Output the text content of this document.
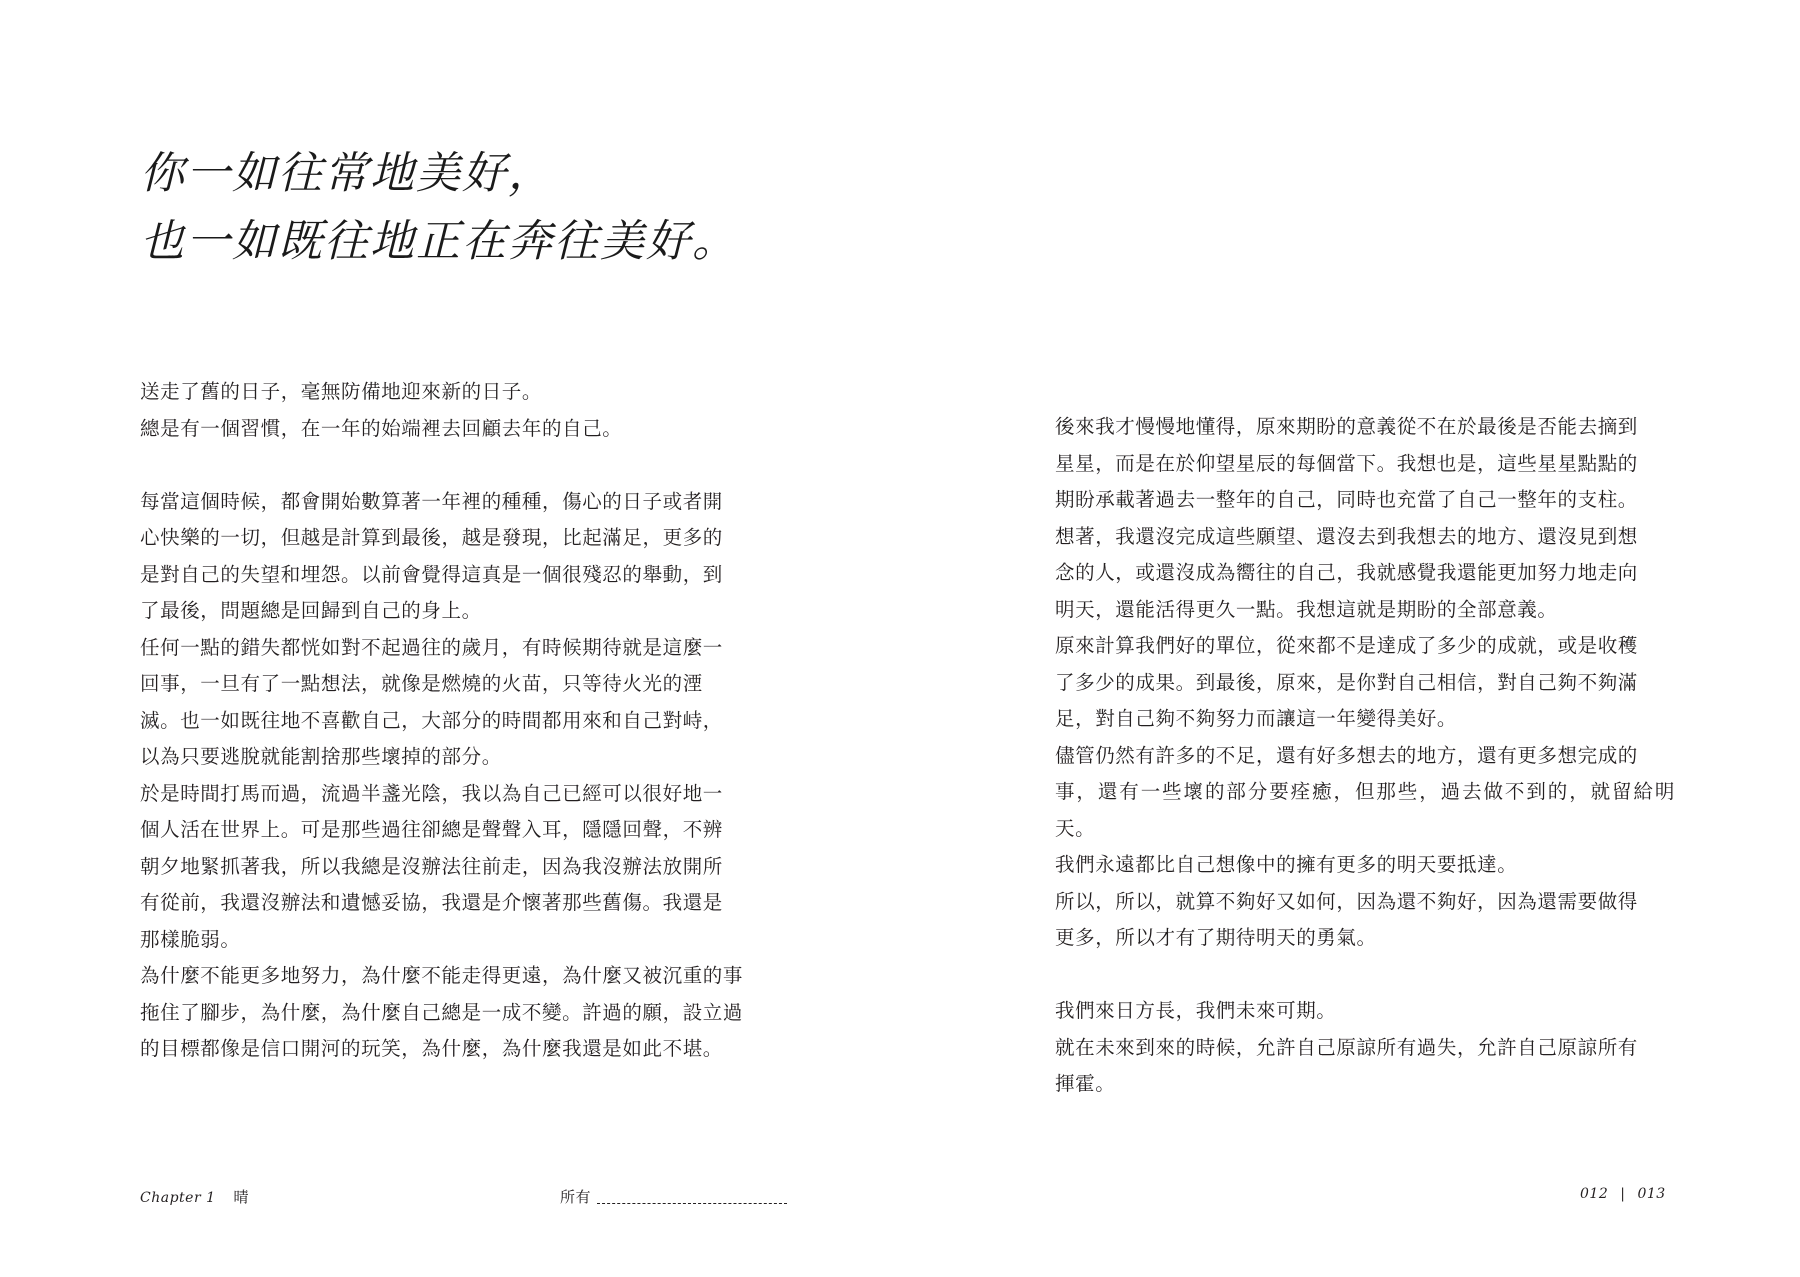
你一如往常地美好，
也一如既往地正在奔往美好。

送走了舊的日子，毫無防備地迎來新的日子。
總是有一個習慣，在一年的始端裡去回顧去年的自己。

每當這個時候，都會開始數算著一年裡的種種，傷心的日子或者開
心快樂的一切，但越是計算到最後，越是發現，比起滿足，更多的
是對自己的失望和埋怨。以前會覺得這真是一個很殘忍的舉動，到
了最後，問題總是回歸到自己的身上。

任何一點的錯失都恍如對不起過往的歲月，有時候期待就是這麼一
回事，一旦有了一點想法，就像是燃燒的火苗，只等待火光的湮
滅。也一如既往地不喜歡自己，大部分的時間都用來和自己對峙，
以為只要逃脫就能割捨那些壞掉的部分。

於是時間打馬而過，流過半盞光陰，我以為自己已經可以很好地一
個人活在世界上。可是那些過往卻總是聲聲入耳，隱隱回聲，不辨
朝夕地緊抓著我，所以我總是沒辦法往前走，因為我沒辦法放開所
有從前，我還沒辦法和遺憾妥協，我還是介懷著那些舊傷。我還是
那樣脆弱。

為什麼不能更多地努力，為什麼不能走得更遠，為什麼又被沉重的事
拖住了腳步，為什麼，為什麼自己總是一成不變。許過的願，設立過
的目標都像是信口開河的玩笑，為什麼，為什麼我還是如此不堪。

Chapter 1 晴	所有

後來我才慢慢地懂得，原來期盼的意義從不在於最後是否能去摘到
星星，而是在於仰望星辰的每個當下。我想也是，這些星星點點的
期盼承載著過去一整年的自己，同時也充當了自己一整年的支柱。
想著，我還沒完成這些願望、還沒去到我想去的地方、還沒見到想
念的人，或還沒成為嚮往的自己，我就感覺我還能更加努力地走向
明天，還能活得更久一點。我想這就是期盼的全部意義。

原來計算我們好的單位，從來都不是達成了多少的成就，或是收穫
了多少的成果。到最後，原來，是你對自己相信，對自己夠不夠滿
足，對自己夠不夠努力而讓這一年變得美好。

儘管仍然有許多的不足，還有好多想去的地方，還有更多想完成的
事，還有一些壞的部分要痊癒，但那些，過去做不到的，就留給明天。
我們永遠都比自己想像中的擁有更多的明天要抵達。

所以，所以，就算不夠好又如何，因為還不夠好，因為還需要做得
更多，所以才有了期待明天的勇氣。

我們來日方長，我們未來可期。
就在未來到來的時候，允許自己原諒所有過失，允許自己原諒所有
揮霍。

012 | 013
